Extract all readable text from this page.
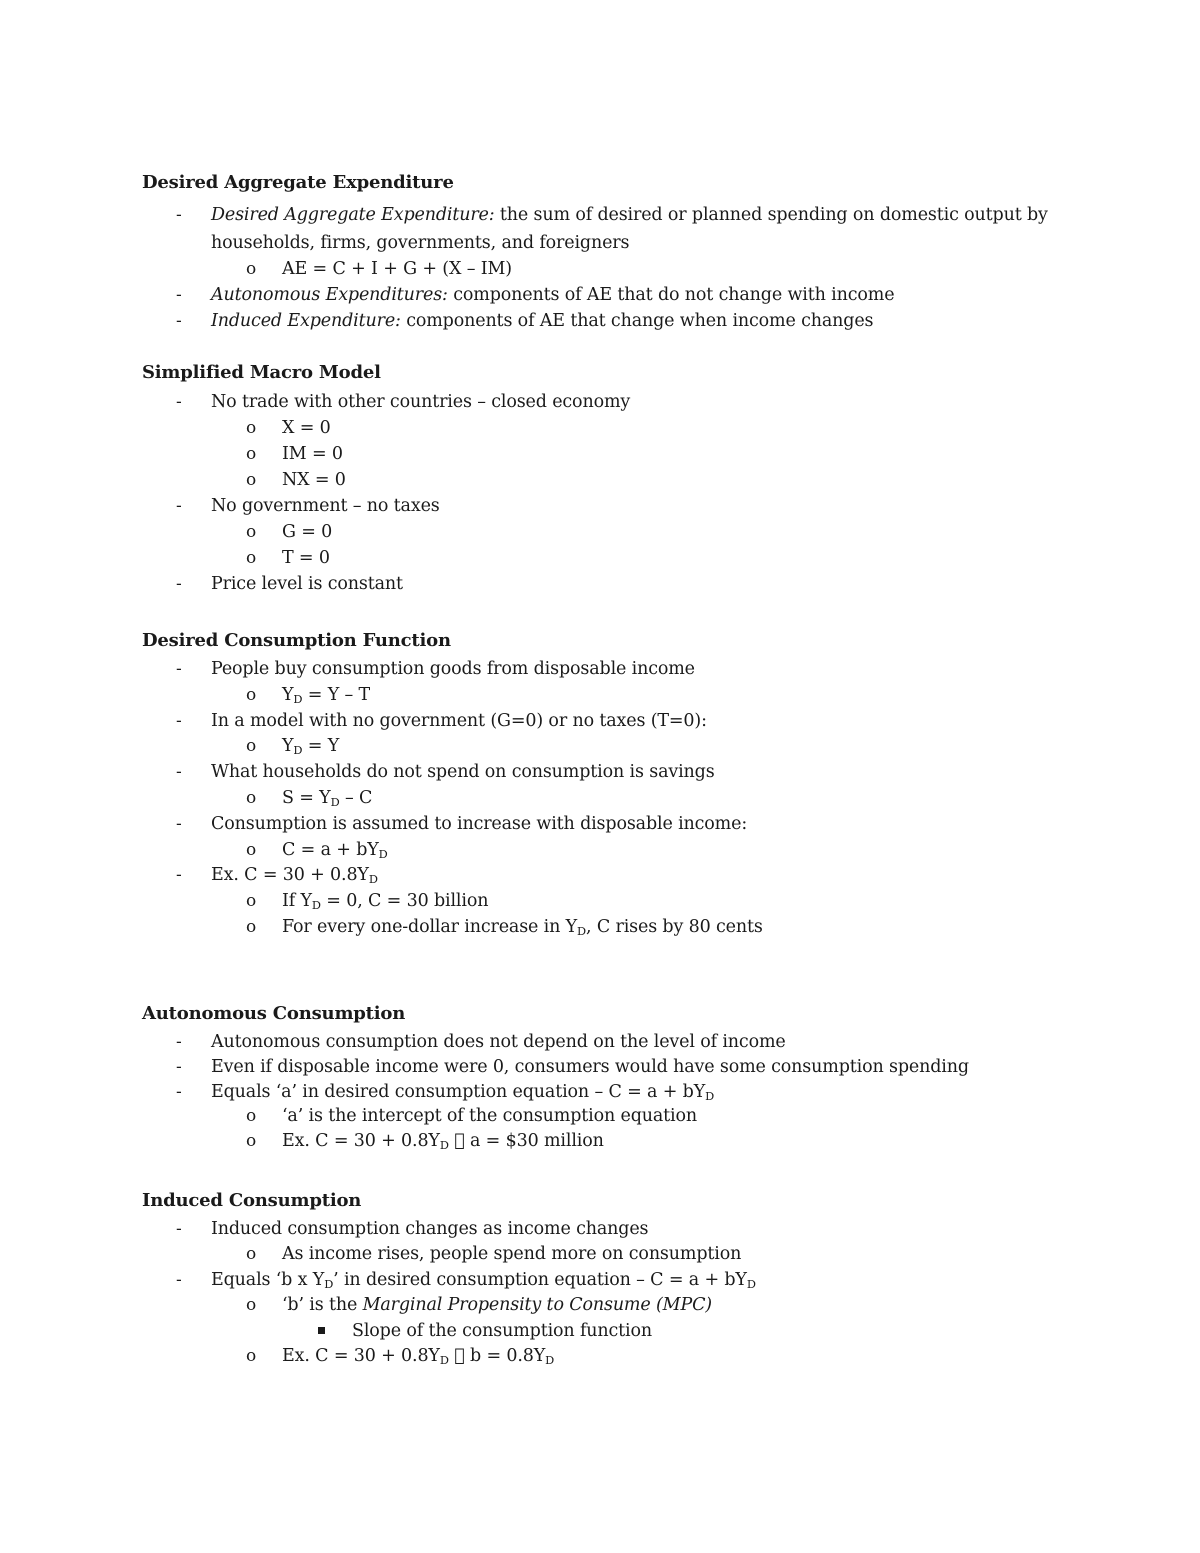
Desired Aggregate Expenditure
- Desired Aggregate Expenditure: the sum of desired or planned spending on domestic output by households, firms, governments, and foreigners
o AE = C + I + G + (X – IM)
- Autonomous Expenditures: components of AE that do not change with income
- Induced Expenditure: components of AE that change when income changes
Simplified Macro Model
- No trade with other countries – closed economy
o X = 0
o IM = 0
o NX = 0
- No government – no taxes
o G = 0
o T = 0
- Price level is constant
Desired Consumption Function
- People buy consumption goods from disposable income
o $Y_D = Y - T$
- In a model with no government (G=0) or no taxes (T=0):
o $Y_D = Y$
- What households do not spend on consumption is savings
o $S = Y_D - C$
- Consumption is assumed to increase with disposable income:
o $C = a + bY_D$
- Ex. $C = 30 + 0.8Y_D$
o If $Y_D = 0$, C = 30 billion
o For every one-dollar increase in $Y_D$, C rises by 80 cents
Autonomous Consumption
- Autonomous consumption does not depend on the level of income
- Even if disposable income were 0, consumers would have some consumption spending
- Equals ‘a’ in desired consumption equation – $C = a + bY_D$
o ‘a’ is the intercept of the consumption equation
o Ex. $C = 30 + 0.8Y_D$ a = $30 million
Induced Consumption
- Induced consumption changes as income changes
o As income rises, people spend more on consumption
- Equals ‘b x $Y_D$’ in desired consumption equation – $C = a + bY_D$
o ‘b’ is the Marginal Propensity to Consume (MPC)
Slope of the consumption function
o Ex. $C = 30 + 0.8Y_D$ $b = 0.8Y_D$
